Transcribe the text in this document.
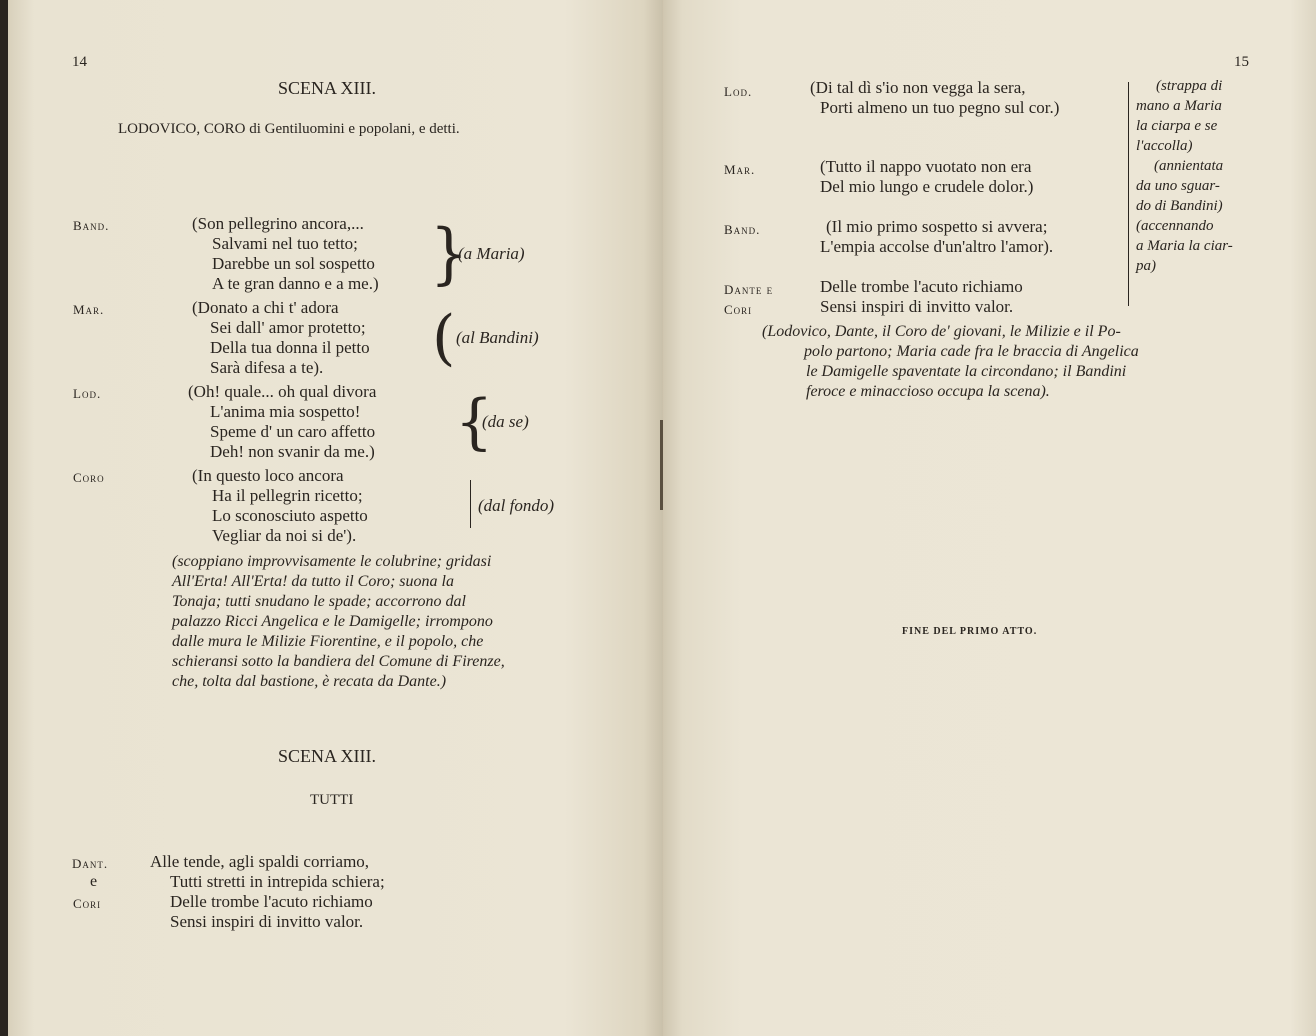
14
SCENA XIII.
LODOVICO, CORO di Gentiluomini e popolani, e detti.
Band.	(Son pellegrino ancora,...
Salvami nel tuo tetto;
Darebbe un sol sospetto
A te gran danno e a me.) }
(a Maria)
Mar.	(Donato a chi t' adora
Sei dall' amor protetto;
Della tua donna il petto
Sarà difesa a te). ( (al Bandini)
Lod.	(Oh! quale... oh qual divora
L'anima mia sospetto!
Speme d' un caro affetto
Deh! non svanir da me.) {
(da se)
Coro	(In questo loco ancora
Ha il pellegrin ricetto;
Lo sconosciuto aspetto
Vegliar da noi si de').
(dal fondo)
(scoppiano improvvisamente le colubrine; gridasi
All'Erta! All'Erta! da tutto il Coro; suona la
Tonaja; tutti snudano le spade; accorrono dal
palazzo Ricci Angelica e le Damigelle; irrompono
dalle mura le Milizie Fiorentine, e il popolo, che
schieransi sotto la bandiera del Comune di Firenze,
che, tolta dal bastione, è recata da Dante.)
SCENA XIII.
TUTTI
Dant.
e
Cori
Alle tende, agli spaldi corriamo,
Tutti stretti in intrepida schiera;
Delle trombe l'acuto richiamo
Sensi inspiri di invitto valor.
15
Lod.	(Di tal dì s'io non vegga la sera,
Porti almeno un tuo pegno sul cor.)
Mar.	(Tutto il nappo vuotato non era
Del mio lungo e crudele dolor.)
Band.	(Il mio primo sospetto si avvera;
L'empia accolse d'un'altro l'amor).
Dante e
Cori
Delle trombe l'acuto richiamo
Sensi inspiri di invitto valor.
(strappa di
mano a Maria
la ciarpa e se
l'accolla)
(annientata
da uno sguar-
do di Bandini)
(accennando
a Maria la ciar-
pa)
(Lodovico, Dante, il Coro de' giovani, le Milizie e il Po-
polo partono; Maria cade fra le braccia di Angelica
le Damigelle spaventate la circondano; il Bandini
feroce e minaccioso occupa la scena).
FINE DEL PRIMO ATTO.
